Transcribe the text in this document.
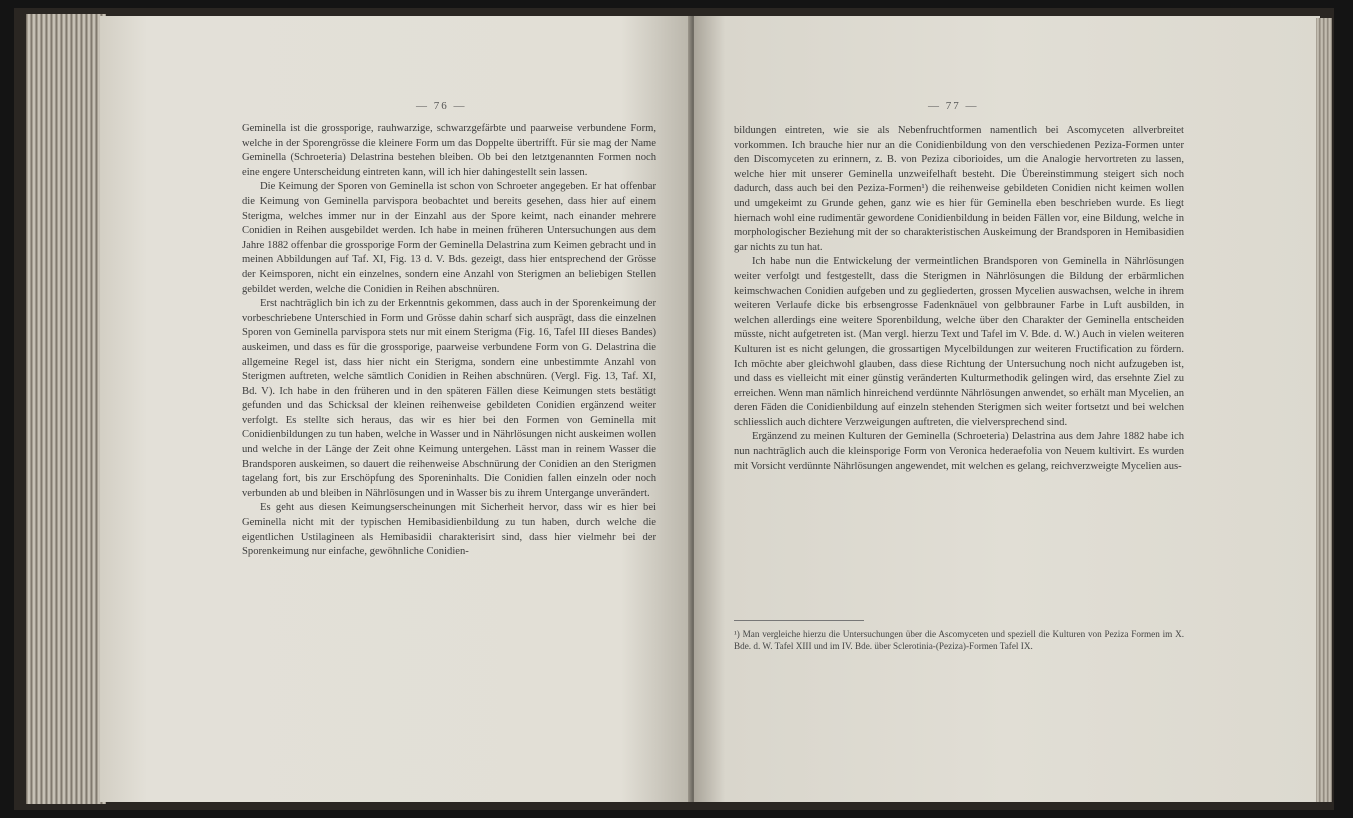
— 76 —

Geminella ist die grossporige, rauhwarzige, schwarzgefärbte und paarweise verbundene Form, welche in der Sporengrösse die kleinere Form um das Doppelte übertrifft. Für sie mag der Name Geminella (Schroeteria) Delastrina bestehen bleiben. Ob bei den letztgenannten Formen noch eine engere Unterscheidung eintreten kann, will ich hier dahingestellt sein lassen.

Die Keimung der Sporen von Geminella ist schon von Schroeter angegeben. Er hat offenbar die Keimung von Geminella parvispora beobachtet und bereits gesehen, dass hier auf einem Sterigma, welches immer nur in der Einzahl aus der Spore keimt, nach einander mehrere Conidien in Reihen ausgebildet werden. Ich habe in meinen früheren Untersuchungen aus dem Jahre 1882 offenbar die grossporige Form der Geminella Delastrina zum Keimen gebracht und in meinen Abbildungen auf Taf. XI, Fig. 13 d. V. Bds. gezeigt, dass hier entsprechend der Grösse der Keimsporen, nicht ein einzelnes, sondern eine Anzahl von Sterigmen an beliebigen Stellen gebildet werden, welche die Conidien in Reihen abschnüren.

Erst nachträglich bin ich zu der Erkenntnis gekommen, dass auch in der Sporenkeimung der vorbeschriebene Unterschied in Form und Grösse dahin scharf sich ausprägt, dass die einzelnen Sporen von Geminella parvispora stets nur mit einem Sterigma (Fig. 16, Tafel III dieses Bandes) auskeimen, und dass es für die grossporige, paarweise verbundene Form von G. Delastrina die allgemeine Regel ist, dass hier nicht ein Sterigma, sondern eine unbestimmte Anzahl von Sterigmen auftreten, welche sämtlich Conidien in Reihen abschnüren. (Vergl. Fig. 13, Taf. XI, Bd. V). Ich habe in den früheren und in den späteren Fällen diese Keimungen stets bestätigt gefunden und das Schicksal der kleinen reihenweise gebildeten Conidien ergänzend weiter verfolgt. Es stellte sich heraus, das wir es hier bei den Formen von Geminella mit Conidienbildungen zu tun haben, welche in Wasser und in Nährlösungen nicht auskeimen wollen und welche in der Länge der Zeit ohne Keimung untergehen. Lässt man in reinem Wasser die Brandsporen auskeimen, so dauert die reihenweise Abschnürung der Conidien an den Sterigmen tagelang fort, bis zur Erschöpfung des Sporeninhalts. Die Conidien fallen einzeln oder noch verbunden ab und bleiben in Nährlösungen und in Wasser bis zu ihrem Untergange unverändert.

Es geht aus diesen Keimungserscheinungen mit Sicherheit hervor, dass wir es hier bei Geminella nicht mit der typischen Hemibasidienbildung zu tun haben, durch welche die eigentlichen Ustilagineen als Hemibasidii charakterisirt sind, dass hier vielmehr bei der Sporenkeimung nur einfache, gewöhnliche Conidien-

— 77 —

bildungen eintreten, wie sie als Nebenfruchtformen namentlich bei Ascomyceten allverbreitet vorkommen. Ich brauche hier nur an die Conidienbildung von den verschiedenen Peziza-Formen unter den Discomyceten zu erinnern, z. B. von Peziza ciborioides, um die Analogie hervortreten zu lassen, welche hier mit unserer Geminella unzweifelhaft besteht. Die Übereinstimmung steigert sich noch dadurch, dass auch bei den Peziza-Formen¹) die reihenweise gebildeten Conidien nicht keimen wollen und umgekeimt zu Grunde gehen, ganz wie es hier für Geminella eben beschrieben wurde. Es liegt hiernach wohl eine rudimentär gewordene Conidienbildung in beiden Fällen vor, eine Bildung, welche in morphologischer Beziehung mit der so charakteristischen Auskeimung der Brandsporen in Hemibasidien gar nichts zu tun hat.

Ich habe nun die Entwickelung der vermeintlichen Brandsporen von Geminella in Nährlösungen weiter verfolgt und festgestellt, dass die Sterigmen in Nährlösungen die Bildung der erbärmlichen keimschwachen Conidien aufgeben und zu gegliederten, grossen Mycelien auswachsen, welche in ihrem weiteren Verlaufe dicke bis erbsengrosse Fadenknäuel von gelbbrauner Farbe in Luft ausbilden, in welchen allerdings eine weitere Sporenbildung, welche über den Charakter der Geminella entscheiden müsste, nicht aufgetreten ist. (Man vergl. hierzu Text und Tafel im V. Bde. d. W.) Auch in vielen weiteren Kulturen ist es nicht gelungen, die grossartigen Mycelbildungen zur weiteren Fructification zu fördern. Ich möchte aber gleichwohl glauben, dass diese Richtung der Untersuchung noch nicht aufzugeben ist, und dass es vielleicht mit einer günstig veränderten Kulturmethodik gelingen wird, das ersehnte Ziel zu erreichen. Wenn man nämlich hinreichend verdünnte Nährlösungen anwendet, so erhält man Mycelien, an deren Fäden die Conidienbildung auf einzeln stehenden Sterigmen sich weiter fortsetzt und bei welchen schliesslich auch dichtere Verzweigungen auftreten, die vielversprechend sind.

Ergänzend zu meinen Kulturen der Geminella (Schroeteria) Delastrina aus dem Jahre 1882 habe ich nun nachträglich auch die kleinsporige Form von Veronica hederaefolia von Neuem kultivirt. Es wurden mit Vorsicht verdünnte Nährlösungen angewendet, mit welchen es gelang, reichverzweigte Mycelien aus-

¹) Man vergleiche hierzu die Untersuchungen über die Ascomyceten und speziell die Kulturen von Peziza Formen im X. Bde. d. W. Tafel XIII und im IV. Bde. über Sclerotinia-(Peziza)-Formen Tafel IX.
